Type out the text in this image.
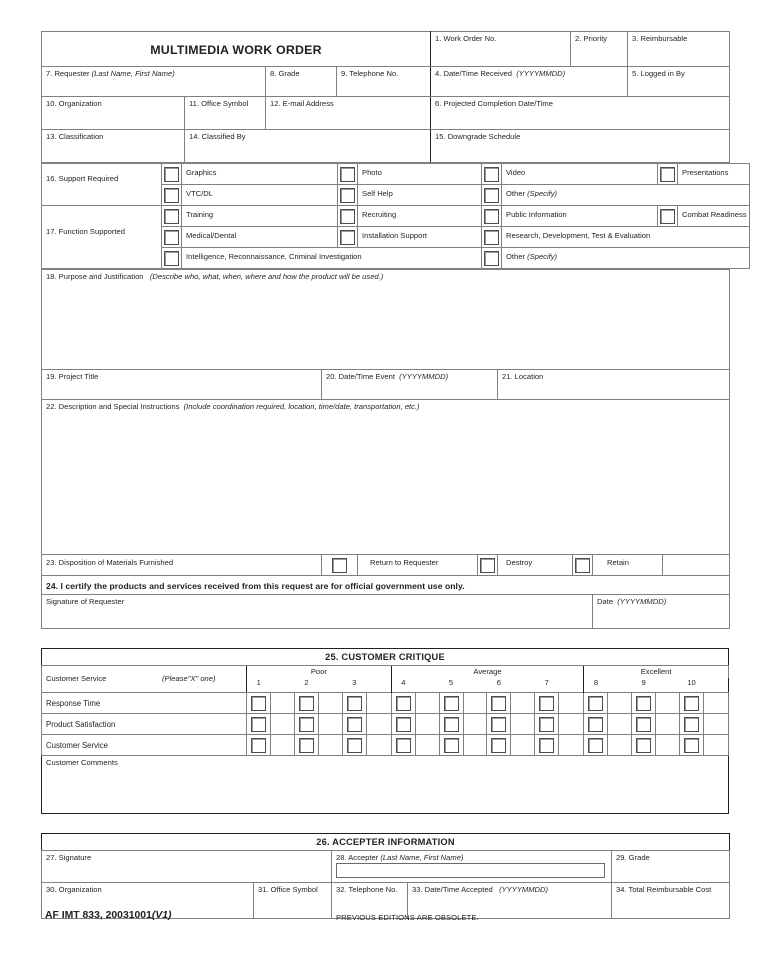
MULTIMEDIA WORK ORDER				1. Work Order No.	2. Priority	3. Reimbursable

7. Requester (Last Name, First Name)		8. Grade	9. Telephone No.	4. Date/Time Received (YYYYMMDD)		5. Logged in By

10. Organization	11. Office Symbol	12. E-mail Address		6. Projected Completion Date/Time		

13. Classification	14. Classified By			15. Downgrade Schedule		
16. Support Required		Graphics		Photo		Video		Presentations

		VTC/DL		Self Help		Other (Specify)		

17. Function Supported		Training		Recruiting		Public Information		Combat Readiness

		Medical/Dental		Installation Support		Research, Development, Test & Evaluation		

		Intelligence, Reconnaissance, Criminal Investigation				Other (Specify)		
18. Purpose and Justification (Describe who, what, when, where and how the product will be used.)							

19. Project Title	20. Date/Time Event (YYYYMMDD)			21. Location			

22. Description and Special Instructions (Include coordination required, location, time/date, transportation, etc.)							

23. Disposition of Materials Furnished		Return to Requester		Destroy		Retain	

24. I certify the products and services received from this request are for official government use only.							

Signature of Requester						Date (YYYYMMDD)	
25. CUSTOMER CRITIQUE																				

Customer Service (Please"X" one)	Poor						Average								Excellent					

	1		2		3		4		5		6		7		8		9		10	

Response Time	

Product Satisfaction	

Customer Service	

Customer Comments																				
26. ACCEPTER INFORMATION				

27. Signature		28. Accepter (Last Name, First Name)		29. Grade

30. Organization	31. Office Symbol	32. Telephone No.	33. Date/Time Accepted (YYYYMMDD)	34. Total Reimbursable Cost
AF IMT 833, 20031001(V1)	PREVIOUS EDITIONS ARE OBSOLETE.
